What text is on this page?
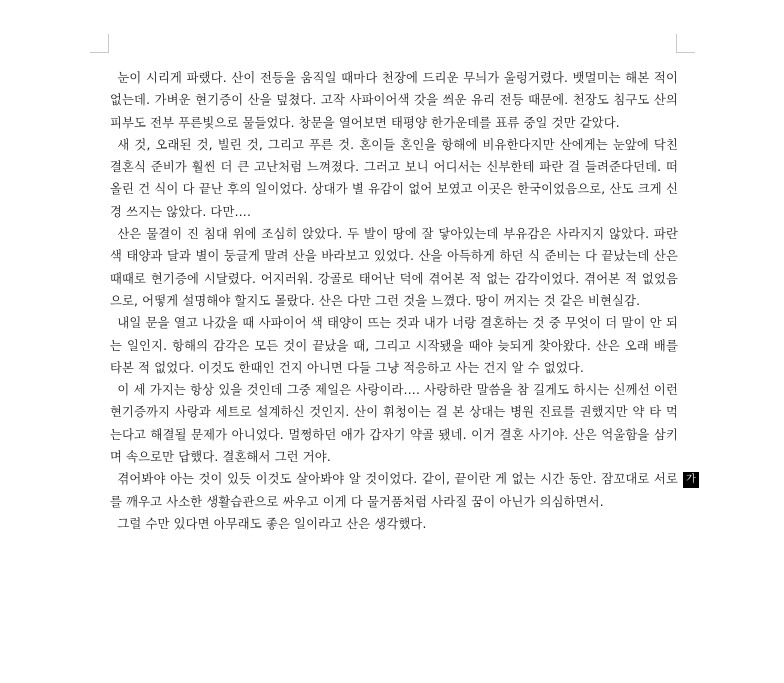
눈이 시리게 파랬다. 산이 전등을 움직일 때마다 천장에 드리운 무늬가 울렁거렸다. 뱃멀미는 해본 적이 없는데. 가벼운 현기증이 산을 덮쳤다. 고작 사파이어색 갓을 씌운 유리 전등 때문에. 천장도 침구도 산의 피부도 전부 푸른빛으로 물들었다. 창문을 열어보면 태평양 한가운데를 표류 중일 것만 같았다.

새 것, 오래된 것, 빌린 것, 그리고 푸른 것. 혼이들 혼인을 항해에 비유한다지만 산에게는 눈앞에 닥친 결혼식 준비가 훨씬 더 큰 고난처럼 느껴졌다. 그러고 보니 어디서는 신부한테 파란 걸 들려준다던데. 떠올린 건 식이 다 끝난 후의 일이었다. 상대가 별 유감이 없어 보였고 이곳은 한국이었음으로, 산도 크게 신경 쓰지는 않았다. 다만….

산은 물결이 진 침대 위에 조심히 앉았다. 두 발이 땅에 잘 닿아있는데 부유감은 사라지지 않았다. 파란색 태양과 달과 별이 둥글게 말려 산을 바라보고 있었다. 산을 아득하게 하던 식 준비는 다 끝났는데 산은 때때로 현기증에 시달렸다. 어지러워. 강골로 태어난 덕에 겪어본 적 없는 감각이었다. 겪어본 적 없었음으로, 어떻게 설명해야 할지도 몰랐다. 산은 다만 그런 것을 느꼈다. 땅이 꺼지는 것 같은 비현실감.

내일 문을 열고 나갔을 때 사파이어 색 태양이 뜨는 것과 내가 너랑 결혼하는 것 중 무엇이 더 말이 안 되는 일인지. 항해의 감각은 모든 것이 끝났을 때, 그리고 시작됐을 때야 늦되게 찾아왔다. 산은 오래 배를 타본 적 없었다. 이것도 한때인 건지 아니면 다들 그냥 적응하고 사는 건지 알 수 없었다.

이 세 가지는 항상 있을 것인데 그중 제일은 사랑이라…. 사랑하란 말씀을 참 길게도 하시는 신께선 이런 현기증까지 사랑과 세트로 설계하신 것인지. 산이 휘청이는 걸 본 상대는 병원 진료를 권했지만 약 타 먹는다고 해결될 문제가 아니었다. 멀쩡하던 애가 갑자기 약골 됐네. 이거 결혼 사기야. 산은 억울함을 삼키며 속으로만 답했다. 결혼해서 그런 거야.

겪어봐야 아는 것이 있듯 이것도 살아봐야 알 것이었다. 같이, 끝이란 게 없는 시간 동안. 잠꼬대로 서로를 깨우고 사소한 생활습관으로 싸우고 이게 다 물거품처럼 사라질 꿈이 아닌가 의심하면서.

그럴 수만 있다면 아무래도 좋은 일이라고 산은 생각했다.

가
